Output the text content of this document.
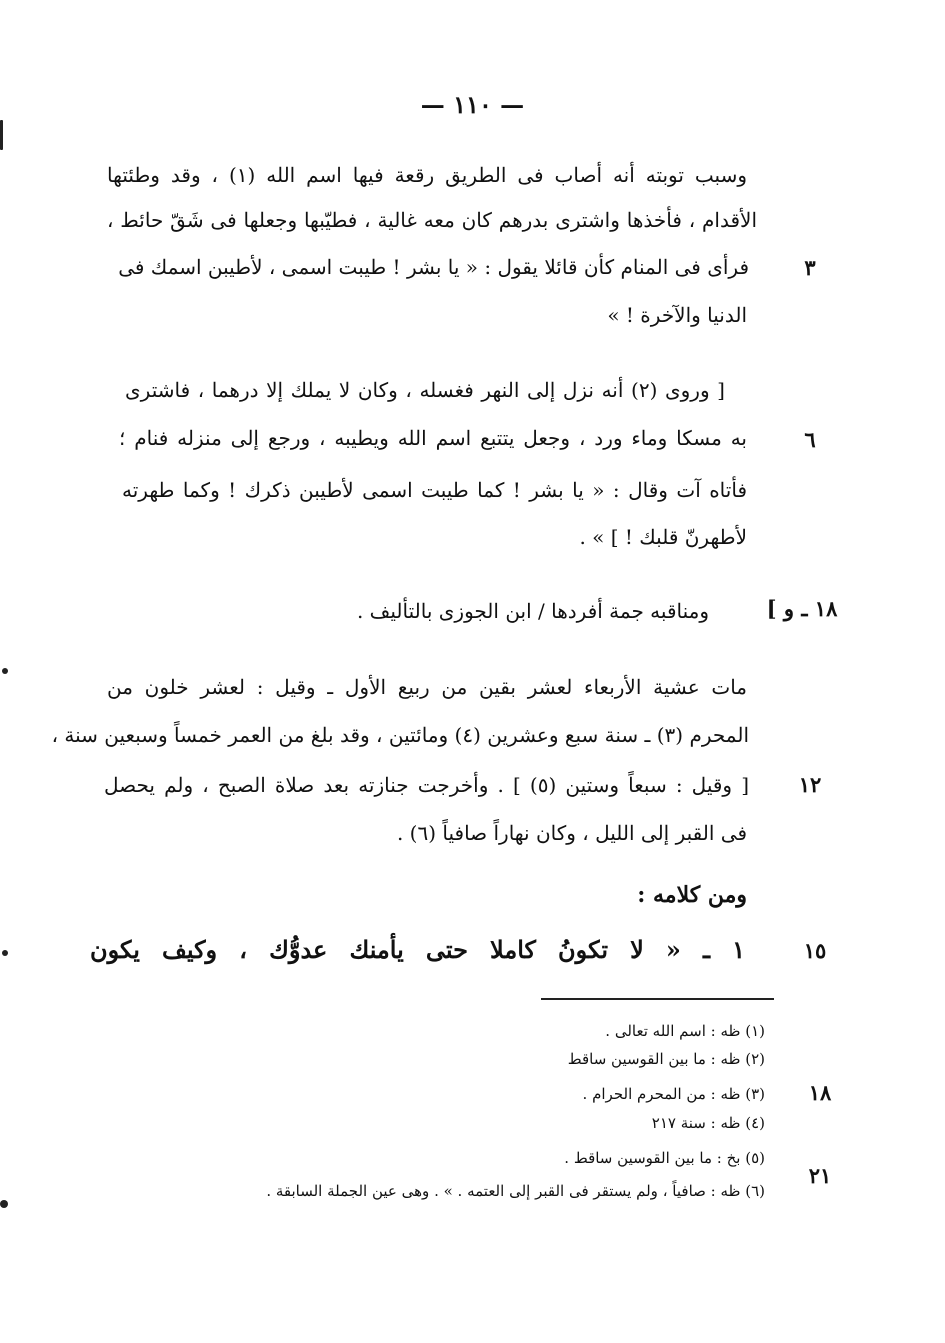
— ١١٠ —
وسبب توبته أنه أصاب فى الطريق رقعة فيها اسم الله (١) ، وقد وطئتها
الأقدام ، فأخذها واشترى بدرهم كان معه غالية ، فطيّبها وجعلها فى شَقّ حائط ،
فرأى فى المنام كأن قائلا يقول : « يا بشر ! طيبت اسمى ، لأطيبن اسمك فى
الدنيا والآخرة ! »
[ وروى (٢) أنه نزل إلى النهر فغسله ، وكان لا يملك إلا درهما ، فاشترى
به مسكا وماء ورد ، وجعل يتتبع اسم الله ويطيبه ، ورجع إلى منزله فنام ؛
فأتاه آت وقال : « يا بشر ! كما طيبت اسمى لأطيبن ذكرك ! وكما طهرته
لأطهرنّ قلبك ! ] » .
١٨ ـ و ]
ومناقبه جمة أفردها / ابن الجوزى بالتأليف .
مات عشية الأربعاء لعشر بقين من ربيع الأول ـ وقيل : لعشر خلون من
المحرم (٣) ـ سنة سبع وعشرين (٤) ومائتين ، وقد بلغ من العمر خمساً وسبعين سنة ،
[ وقيل : سبعاً وستين (٥) ] . وأخرجت جنازته بعد صلاة الصبح ، ولم يحصل
فى القبر إلى الليل ، وكان نهاراً صافياً (٦) .
ومن كلامه :
١ ـ « لا تكونُ كاملا حتى يأمنك عدوُّك ، وكيف يكون
٣
٦
١٢
١٥
١٨
٢١
(١) ظه : اسم الله تعالى .
(٢) ظه : ما بين القوسين ساقط
(٣) ظه : من المحرم الحرام .
(٤) ظه : سنة ٢١٧
(٥) بخ : ما بين القوسين ساقط .
(٦) ظه : صافياً ، ولم يستقر فى القبر إلى العتمه . » . وهى عين الجملة السابقة .
